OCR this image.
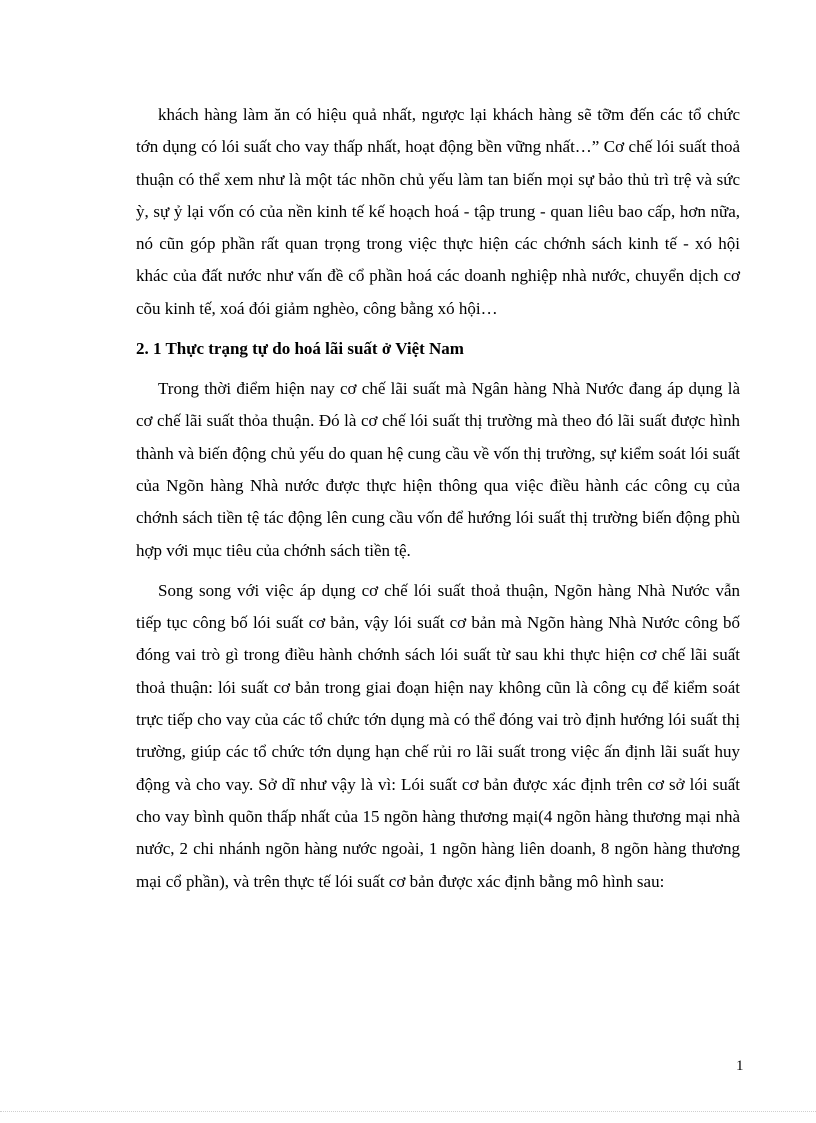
khách hàng làm ăn có hiệu quả nhất, ngược lại khách hàng sẽ tỡm đến các tổ chức tớn dụng có lói suất cho vay thấp nhất, hoạt động bền vững nhất…” Cơ chế lói suất thoả thuận có thể xem như là một tác nhõn chủ yếu làm tan biến mọi sự bảo thủ trì trệ và sức ỳ, sự ỷ lại vốn có của nền kinh tế kế hoạch hoá - tập trung - quan liêu bao cấp, hơn nữa, nó cũn góp phần rất quan trọng trong việc thực hiện các chớnh sách kinh tế - xó hội khác của đất nước như vấn đề cổ phần hoá các doanh nghiệp nhà nước, chuyển dịch cơ cõu kinh tế, xoá đói giảm nghèo, công bằng xó hội…

2. 1 Thực trạng tự do hoá lãi suất ở Việt Nam

Trong thời điểm hiện nay cơ chế lãi suất mà Ngân hàng Nhà Nước đang áp dụng là cơ chế lãi suất thỏa thuận. Đó là cơ chế lói suất thị trường mà theo đó lãi suất được hình thành và biến động chủ yếu do quan hệ cung cầu về vốn thị trường, sự kiểm soát lói suất của Ngõn hàng Nhà nước được thực hiện thông qua việc điều hành các công cụ của chớnh sách tiền tệ tác động lên cung cầu vốn để hướng lói suất thị trường biến động phù hợp với mục tiêu của chớnh sách tiền tệ.

Song song với việc áp dụng cơ chế lói suất thoả thuận, Ngõn hàng Nhà Nước vẫn tiếp tục công bố lói suất cơ bản, vậy lói suất cơ bản mà Ngõn hàng Nhà Nước công bố đóng vai trò gì trong điều hành chớnh sách lói suất từ sau khi thực hiện cơ chế lãi suất thoả thuận: lói suất cơ bản trong giai đoạn hiện nay không cũn là công cụ để kiểm soát trực tiếp cho vay của các tổ chức tớn dụng mà có thể đóng vai trò định hướng lói suất thị trường, giúp các tổ chức tớn dụng hạn chế rủi ro lãi suất trong việc ấn định lãi suất huy động và cho vay. Sở dĩ như vậy là vì: Lói suất cơ bản được xác định trên cơ sở lói suất cho vay bình quõn thấp nhất của 15 ngõn hàng thương mại(4 ngõn hàng thương mại nhà nước, 2 chi nhánh ngõn hàng nước ngoài, 1 ngõn hàng liên doanh, 8 ngõn hàng thương mại cổ phần), và trên thực tế lói suất cơ bản được xác định bằng mô hình sau:

1
